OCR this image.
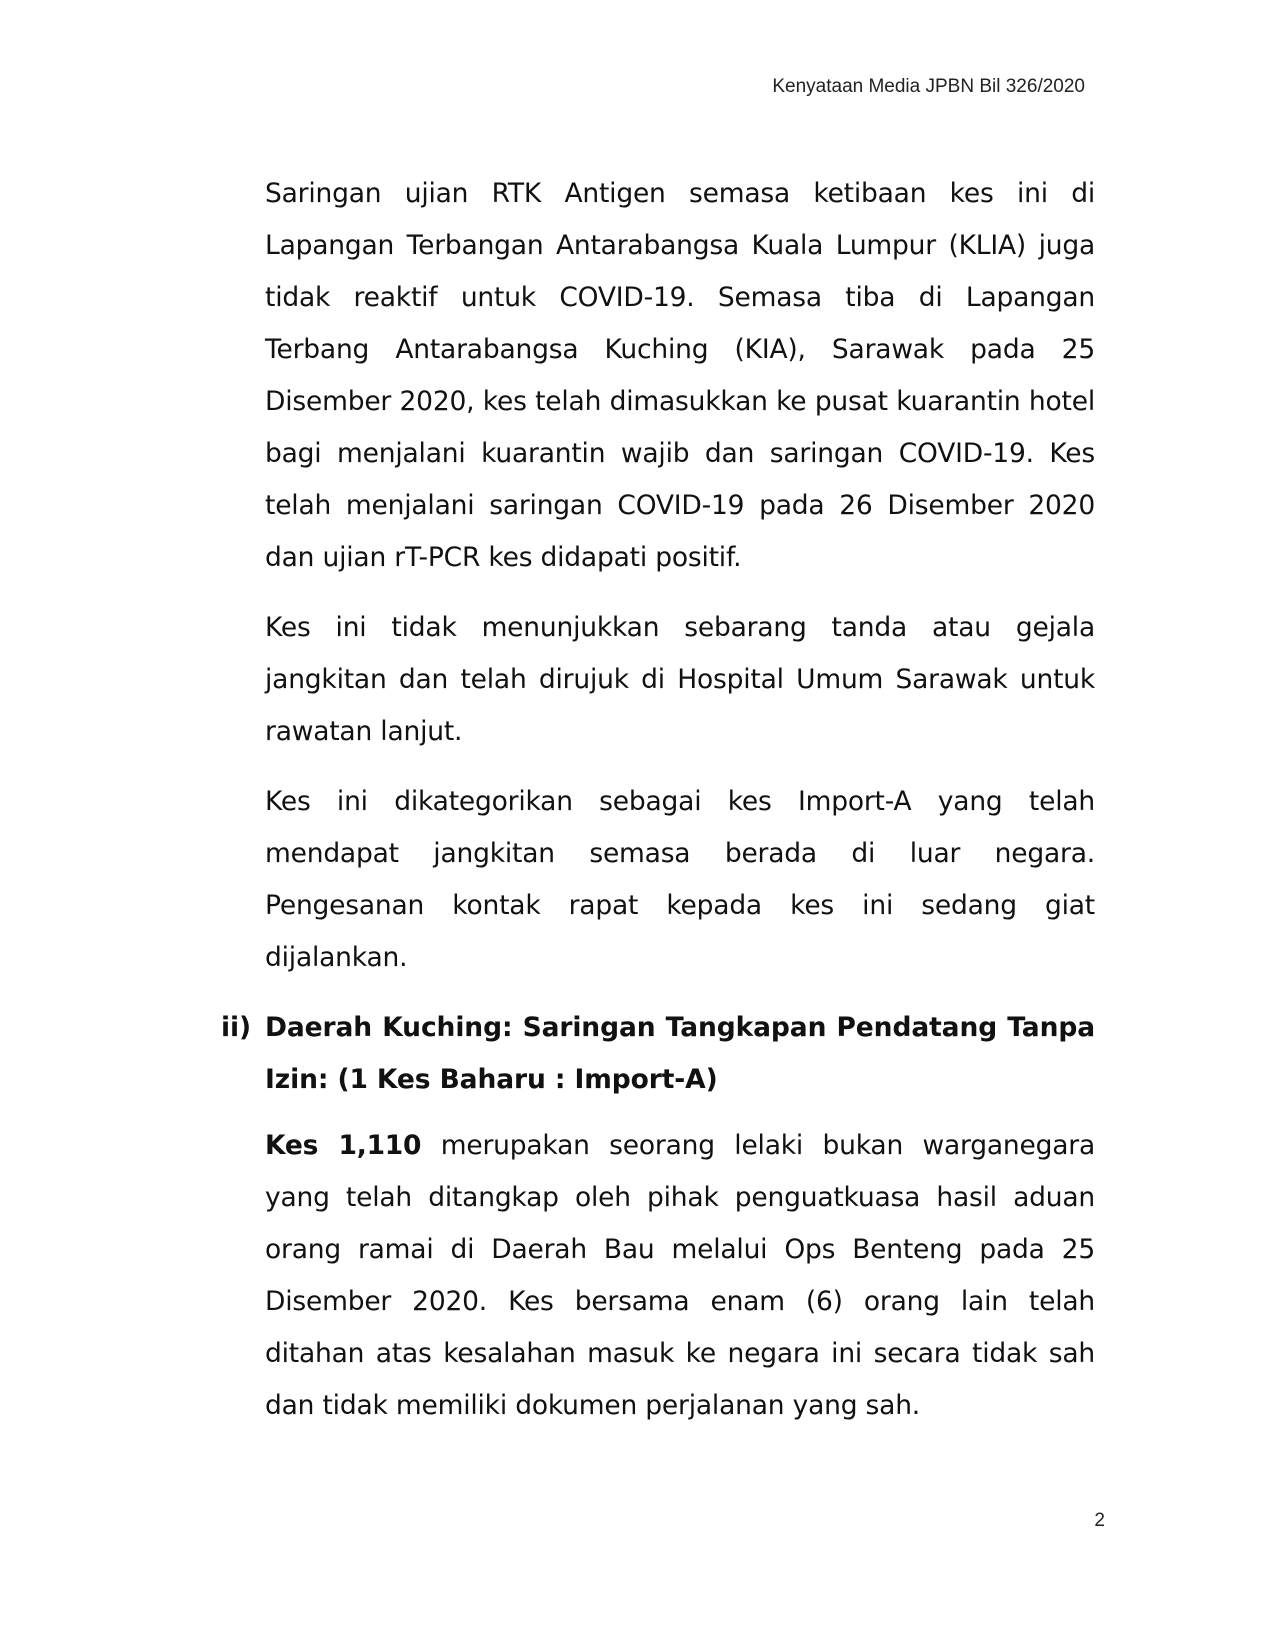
Kenyataan Media JPBN Bil 326/2020

Saringan ujian RTK Antigen semasa ketibaan kes ini di Lapangan Terbangan Antarabangsa Kuala Lumpur (KLIA) juga tidak reaktif untuk COVID-19. Semasa tiba di Lapangan Terbang Antarabangsa Kuching (KIA), Sarawak pada 25 Disember 2020, kes telah dimasukkan ke pusat kuarantin hotel bagi menjalani kuarantin wajib dan saringan COVID-19. Kes telah menjalani saringan COVID-19 pada 26 Disember 2020 dan ujian rT-PCR kes didapati positif.

Kes ini tidak menunjukkan sebarang tanda atau gejala jangkitan dan telah dirujuk di Hospital Umum Sarawak untuk rawatan lanjut.

Kes ini dikategorikan sebagai kes Import-A yang telah mendapat jangkitan semasa berada di luar negara. Pengesanan kontak rapat kepada kes ini sedang giat dijalankan.

ii) Daerah Kuching: Saringan Tangkapan Pendatang Tanpa Izin: (1 Kes Baharu : Import-A)

Kes 1,110 merupakan seorang lelaki bukan warganegara yang telah ditangkap oleh pihak penguatkuasa hasil aduan orang ramai di Daerah Bau melalui Ops Benteng pada 25 Disember 2020. Kes bersama enam (6) orang lain telah ditahan atas kesalahan masuk ke negara ini secara tidak sah dan tidak memiliki dokumen perjalanan yang sah.

2
